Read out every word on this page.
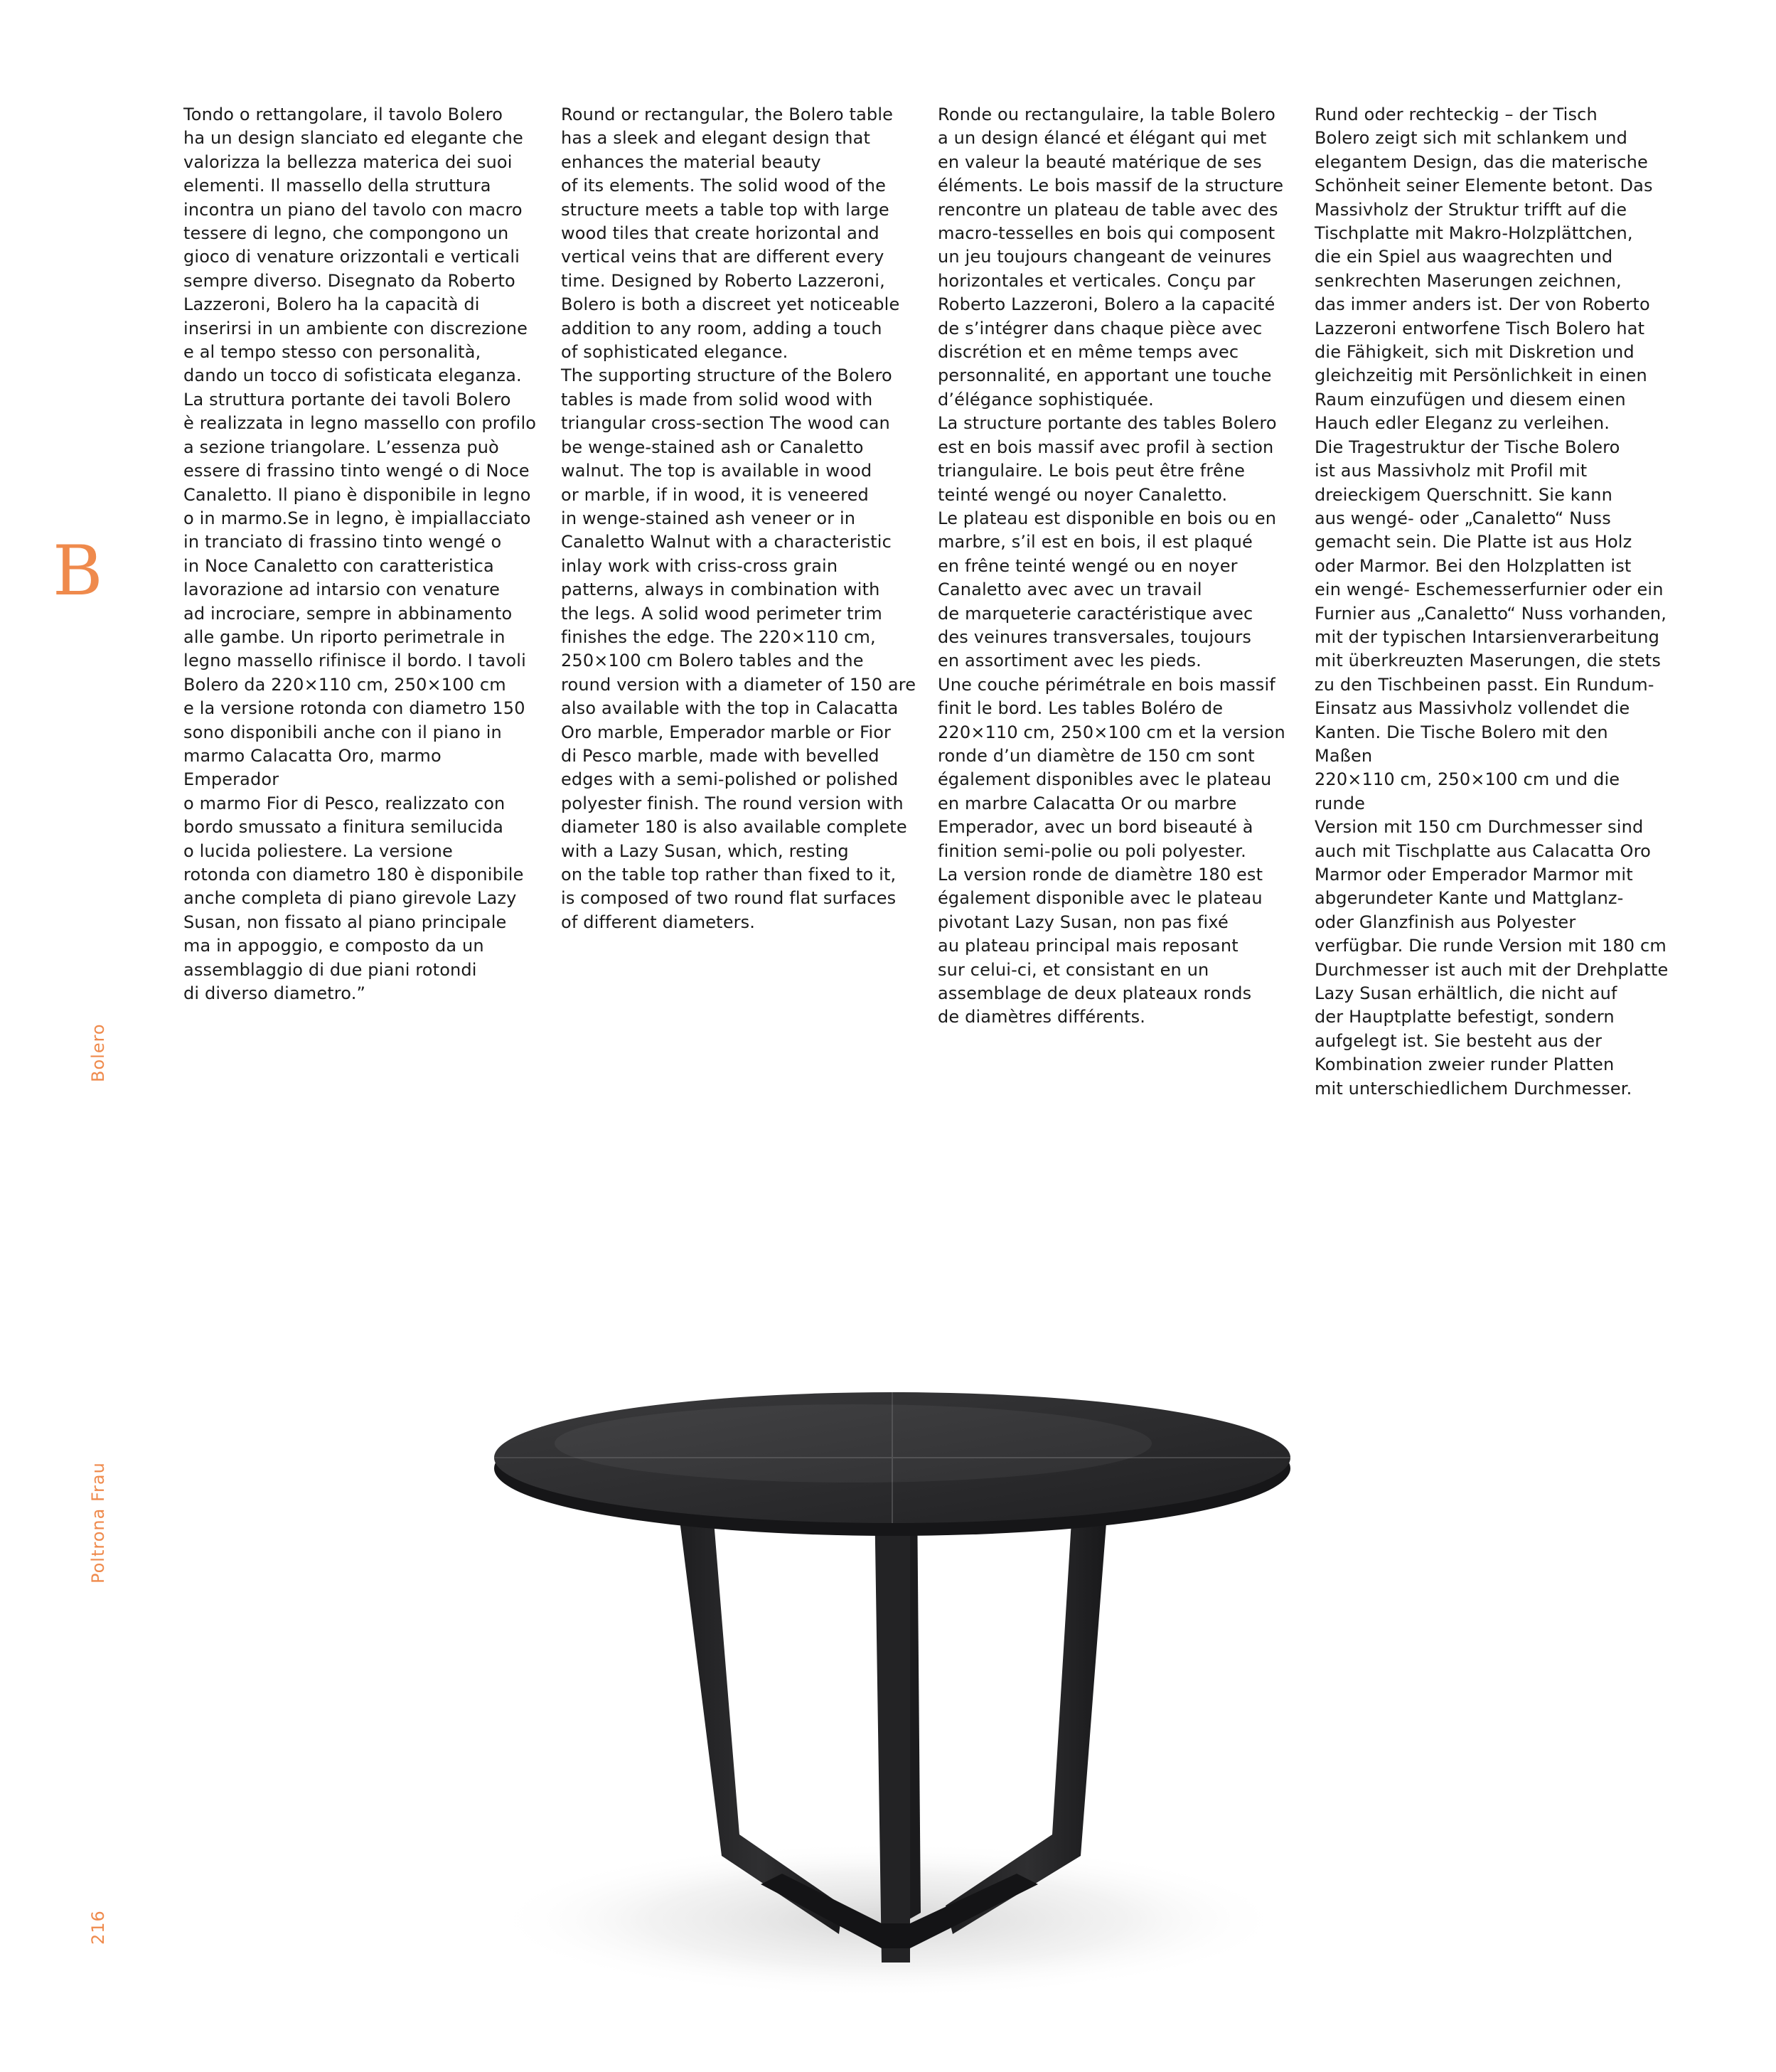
B
Bolero
Poltrona Frau
216

Tondo o rettangolare, il tavolo Bolero
ha un design slanciato ed elegante che
valorizza la bellezza materica dei suoi
elementi. Il massello della struttura
incontra un piano del tavolo con macro
tessere di legno, che compongono un
gioco di venature orizzontali e verticali
sempre diverso. Disegnato da Roberto
Lazzeroni, Bolero ha la capacità di
inserirsi in un ambiente con discrezione
e al tempo stesso con personalità,
dando un tocco di sofisticata eleganza.

La struttura portante dei tavoli Bolero
è realizzata in legno massello con profilo
a sezione triangolare. L’essenza può
essere di frassino tinto wengé o di Noce
Canaletto. Il piano è disponibile in legno
o in marmo.Se in legno, è impiallacciato
in tranciato di frassino tinto wengé o
in Noce Canaletto con caratteristica
lavorazione ad intarsio con venature
ad incrociare, sempre in abbinamento
alle gambe. Un riporto perimetrale in
legno massello rifinisce il bordo. I tavoli
Bolero da 220×110 cm, 250×100 cm
e la versione rotonda con diametro 150
sono disponibili anche con il piano in
marmo Calacatta Oro, marmo Emperador
o marmo Fior di Pesco, realizzato con
bordo smussato a finitura semilucida
o lucida poliestere. La versione
rotonda con diametro 180 è disponibile
anche completa di piano girevole Lazy
Susan, non fissato al piano principale
ma in appoggio, e composto da un
assemblaggio di due piani rotondi
di diverso diametro.”

Round or rectangular, the Bolero table
has a sleek and elegant design that
enhances the material beauty
of its elements. The solid wood of the
structure meets a table top with large
wood tiles that create horizontal and
vertical veins that are different every
time. Designed by Roberto Lazzeroni,
Bolero is both a discreet yet noticeable
addition to any room, adding a touch
of sophisticated elegance.

The supporting structure of the Bolero
tables is made from solid wood with
triangular cross-section The wood can
be wenge-stained ash or Canaletto
walnut. The top is available in wood
or marble, if in wood, it is veneered
in wenge-stained ash veneer or in
Canaletto Walnut with a characteristic
inlay work with criss-cross grain
patterns, always in combination with
the legs. A solid wood perimeter trim
finishes the edge. The 220×110 cm,
250×100 cm Bolero tables and the
round version with a diameter of 150 are
also available with the top in Calacatta
Oro marble, Emperador marble or Fior
di Pesco marble, made with bevelled
edges with a semi-polished or polished
polyester finish. The round version with
diameter 180 is also available complete
with a Lazy Susan, which, resting
on the table top rather than fixed to it,
is composed of two round flat surfaces
of different diameters.

Ronde ou rectangulaire, la table Bolero
a un design élancé et élégant qui met
en valeur la beauté matérique de ses
éléments. Le bois massif de la structure
rencontre un plateau de table avec des
macro-tesselles en bois qui composent
un jeu toujours changeant de veinures
horizontales et verticales. Conçu par
Roberto Lazzeroni, Bolero a la capacité
de s’intégrer dans chaque pièce avec
discrétion et en même temps avec
personnalité, en apportant une touche
d’élégance sophistiquée.

La structure portante des tables Bolero
est en bois massif avec profil à section
triangulaire. Le bois peut être frêne
teinté wengé ou noyer Canaletto.

Le plateau est disponible en bois ou en
marbre, s’il est en bois, il est plaqué
en frêne teinté wengé ou en noyer
Canaletto avec avec un travail
de marqueterie caractéristique avec
des veinures transversales, toujours
en assortiment avec les pieds.

Une couche périmétrale en bois massif
finit le bord. Les tables Boléro de
220×110 cm, 250×100 cm et la version
ronde d’un diamètre de 150 cm sont
également disponibles avec le plateau
en marbre Calacatta Or ou marbre
Emperador, avec un bord biseauté à
finition semi-polie ou poli polyester.

La version ronde de diamètre 180 est
également disponible avec le plateau
pivotant Lazy Susan, non pas fixé
au plateau principal mais reposant
sur celui-ci, et consistant en un
assemblage de deux plateaux ronds
de diamètres différents.

Rund oder rechteckig – der Tisch
Bolero zeigt sich mit schlankem und
elegantem Design, das die materische
Schönheit seiner Elemente betont. Das
Massivholz der Struktur trifft auf die
Tischplatte mit Makro-Holzplättchen,
die ein Spiel aus waagrechten und
senkrechten Maserungen zeichnen,
das immer anders ist. Der von Roberto
Lazzeroni entworfene Tisch Bolero hat
die Fähigkeit, sich mit Diskretion und
gleichzeitig mit Persönlichkeit in einen
Raum einzufügen und diesem einen
Hauch edler Eleganz zu verleihen.

Die Tragestruktur der Tische Bolero
ist aus Massivholz mit Profil mit
dreieckigem Querschnitt. Sie kann
aus wengé- oder „Canaletto“ Nuss
gemacht sein. Die Platte ist aus Holz
oder Marmor. Bei den Holzplatten ist
ein wengé- Eschemesserfurnier oder ein
Furnier aus „Canaletto“ Nuss vorhanden,
mit der typischen Intarsienverarbeitung
mit überkreuzten Maserungen, die stets
zu den Tischbeinen passt. Ein Rundum-
Einsatz aus Massivholz vollendet die
Kanten. Die Tische Bolero mit den Maßen
220×110 cm, 250×100 cm und die runde
Version mit 150 cm Durchmesser sind
auch mit Tischplatte aus Calacatta Oro
Marmor oder Emperador Marmor mit
abgerundeter Kante und Mattglanz-
oder Glanzfinish aus Polyester
verfügbar. Die runde Version mit 180 cm
Durchmesser ist auch mit der Drehplatte
Lazy Susan erhältlich, die nicht auf
der Hauptplatte befestigt, sondern
aufgelegt ist. Sie besteht aus der
Kombination zweier runder Platten
mit unterschiedlichem Durchmesser.
